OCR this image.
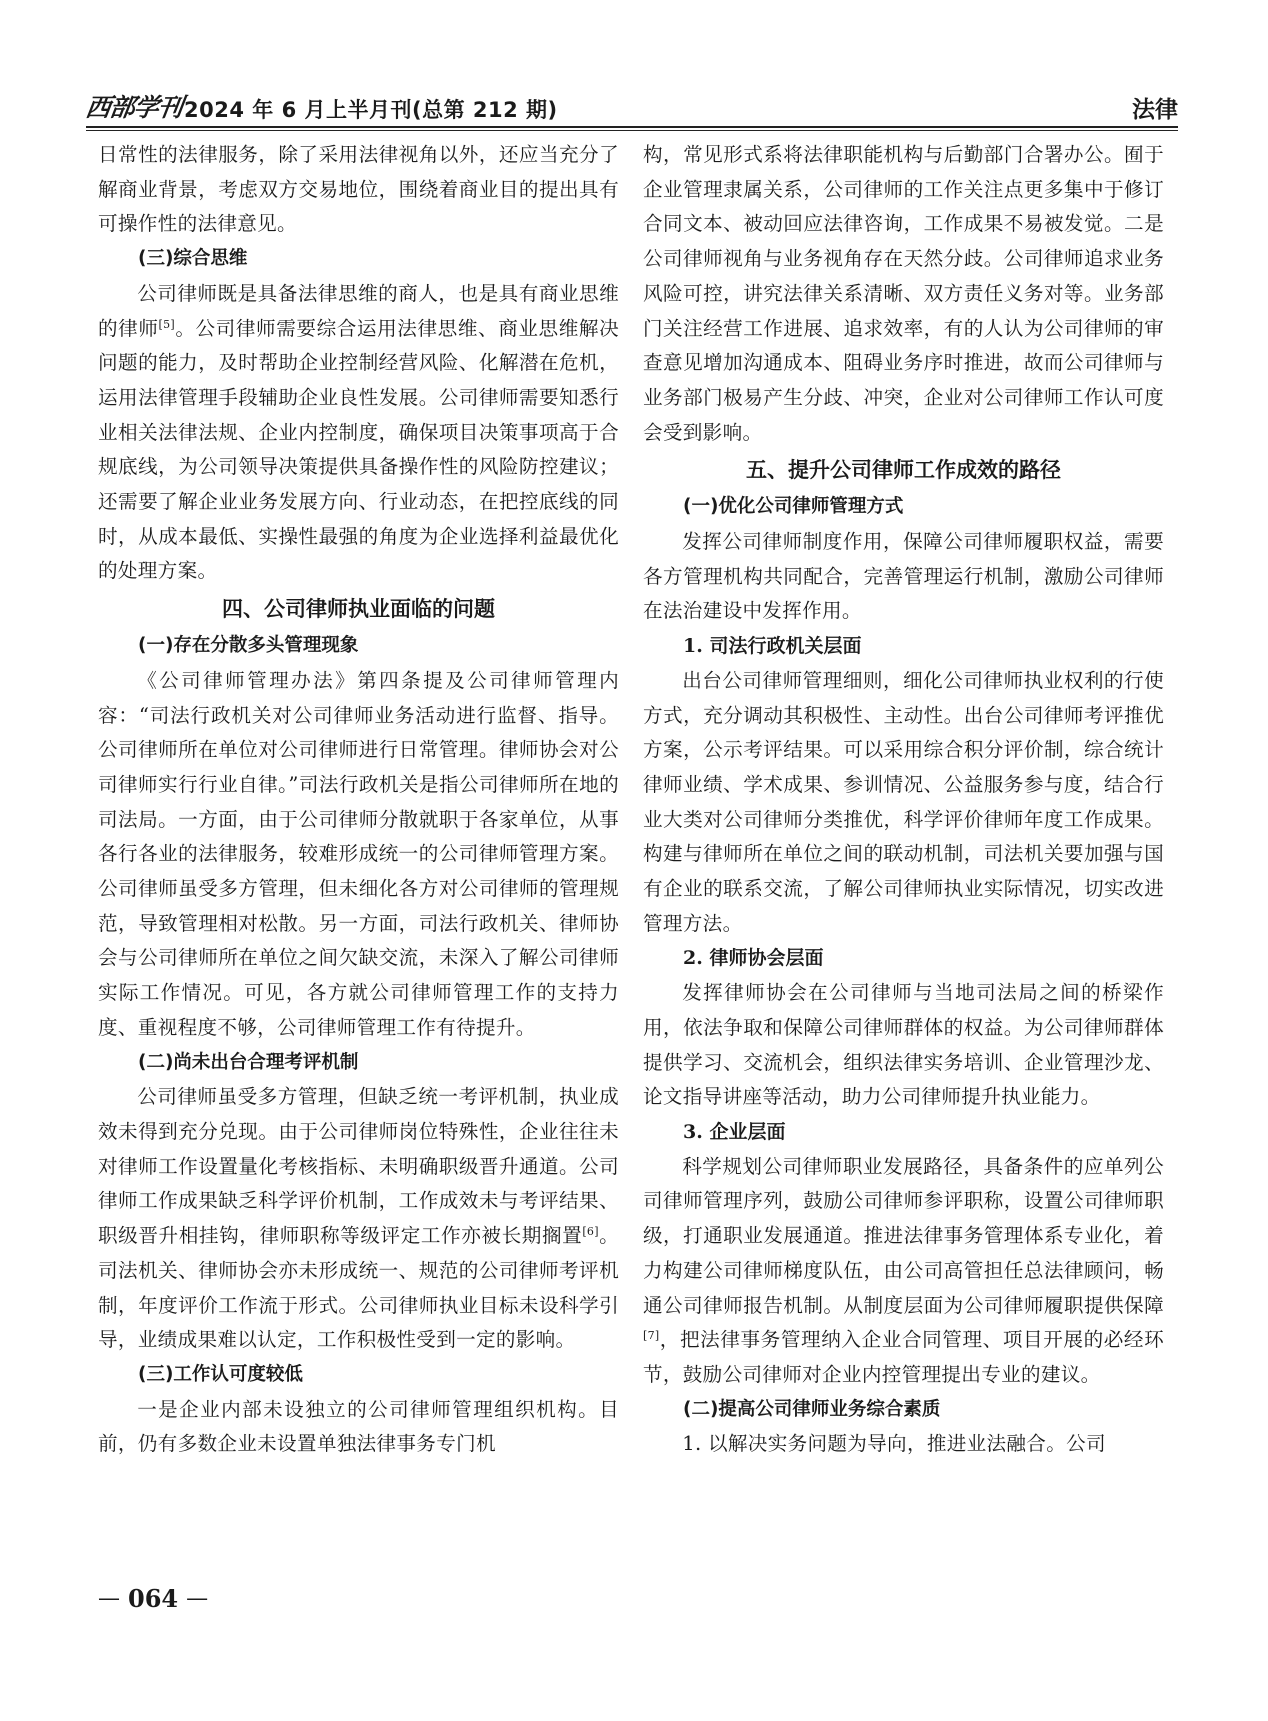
西部学刊 2024 年 6 月上半月刊(总第 212 期)	法律

日常性的法律服务，除了采用法律视角以外，还应当充分了解商业背景，考虑双方交易地位，围绕着商业目的提出具有可操作性的法律意见。

(三)综合思维

公司律师既是具备法律思维的商人，也是具有商业思维的律师[5]。公司律师需要综合运用法律思维、商业思维解决问题的能力，及时帮助企业控制经营风险、化解潜在危机，运用法律管理手段辅助企业良性发展。公司律师需要知悉行业相关法律法规、企业内控制度，确保项目决策事项高于合规底线，为公司领导决策提供具备操作性的风险防控建议；还需要了解企业业务发展方向、行业动态，在把控底线的同时，从成本最低、实操性最强的角度为企业选择利益最优化的处理方案。

四、公司律师执业面临的问题
(一)存在分散多头管理现象

《公司律师管理办法》第四条提及公司律师管理内容：“司法行政机关对公司律师业务活动进行监督、指导。公司律师所在单位对公司律师进行日常管理。律师协会对公司律师实行行业自律。”司法行政机关是指公司律师所在地的司法局。一方面，由于公司律师分散就职于各家单位，从事各行各业的法律服务，较难形成统一的公司律师管理方案。公司律师虽受多方管理，但未细化各方对公司律师的管理规范，导致管理相对松散。另一方面，司法行政机关、律师协会与公司律师所在单位之间欠缺交流，未深入了解公司律师实际工作情况。可见，各方就公司律师管理工作的支持力度、重视程度不够，公司律师管理工作有待提升。

(二)尚未出台合理考评机制

公司律师虽受多方管理，但缺乏统一考评机制，执业成效未得到充分兑现。由于公司律师岗位特殊性，企业往往未对律师工作设置量化考核指标、未明确职级晋升通道。公司律师工作成果缺乏科学评价机制，工作成效未与考评结果、职级晋升相挂钩，律师职称等级评定工作亦被长期搁置[6]。司法机关、律师协会亦未形成统一、规范的公司律师考评机制，年度评价工作流于形式。公司律师执业目标未设科学引导，业绩成果难以认定，工作积极性受到一定的影响。

(三)工作认可度较低

一是企业内部未设独立的公司律师管理组织机构。目前，仍有多数企业未设置单独法律事务专门机

构，常见形式系将法律职能机构与后勤部门合署办公。囿于企业管理隶属关系，公司律师的工作关注点更多集中于修订合同文本、被动回应法律咨询，工作成果不易被发觉。二是公司律师视角与业务视角存在天然分歧。公司律师追求业务风险可控，讲究法律关系清晰、双方责任义务对等。业务部门关注经营工作进展、追求效率，有的人认为公司律师的审查意见增加沟通成本、阻碍业务序时推进，故而公司律师与业务部门极易产生分歧、冲突，企业对公司律师工作认可度会受到影响。

五、提升公司律师工作成效的路径
(一)优化公司律师管理方式

发挥公司律师制度作用，保障公司律师履职权益，需要各方管理机构共同配合，完善管理运行机制，激励公司律师在法治建设中发挥作用。

1. 司法行政机关层面

出台公司律师管理细则，细化公司律师执业权利的行使方式，充分调动其积极性、主动性。出台公司律师考评推优方案，公示考评结果。可以采用综合积分评价制，综合统计律师业绩、学术成果、参训情况、公益服务参与度，结合行业大类对公司律师分类推优，科学评价律师年度工作成果。构建与律师所在单位之间的联动机制，司法机关要加强与国有企业的联系交流，了解公司律师执业实际情况，切实改进管理方法。

2. 律师协会层面

发挥律师协会在公司律师与当地司法局之间的桥梁作用，依法争取和保障公司律师群体的权益。为公司律师群体提供学习、交流机会，组织法律实务培训、企业管理沙龙、论文指导讲座等活动，助力公司律师提升执业能力。

3. 企业层面

科学规划公司律师职业发展路径，具备条件的应单列公司律师管理序列，鼓励公司律师参评职称，设置公司律师职级，打通职业发展通道。推进法律事务管理体系专业化，着力构建公司律师梯度队伍，由公司高管担任总法律顾问，畅通公司律师报告机制。从制度层面为公司律师履职提供保障[7]，把法律事务管理纳入企业合同管理、项目开展的必经环节，鼓励公司律师对企业内控管理提出专业的建议。

(二)提高公司律师业务综合素质

1. 以解决实务问题为导向，推进业法融合。公司

— 064 —
